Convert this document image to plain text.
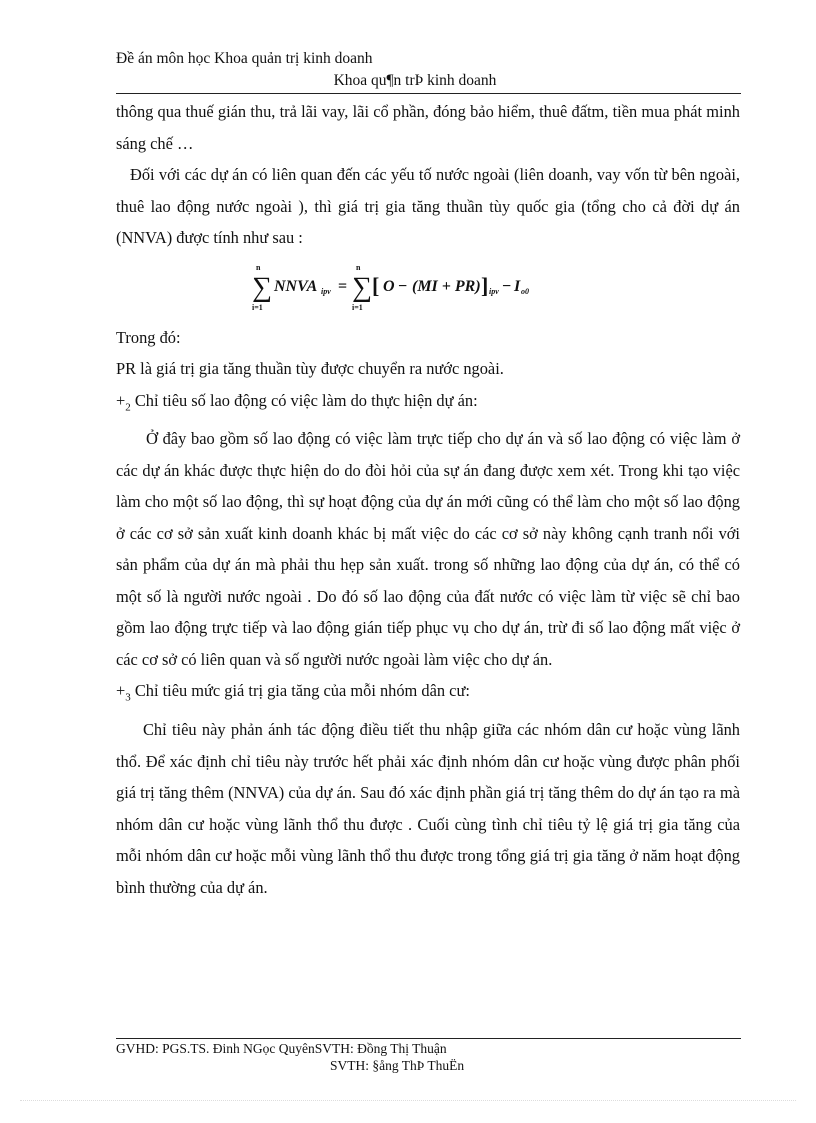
Đề án môn học Khoa quản trị kinh doanh
Khoa qu¶n trÞ kinh doanh

thông qua thuế gián thu, trả lãi vay, lãi cổ phần, đóng bảo hiểm, thuê đấtm, tiền mua phát minh sáng chế …

Đối với các dự án có liên quan đến các yếu tố nước ngoài (liên doanh, vay vốn từ bên ngoài, thuê lao động nước ngoài ), thì giá trị gia tăng thuần tùy quốc gia (tổng cho cả đời dự án (NNVA) được tính như sau :

n
∑
i=1
NNVA ipv =
n
∑
i=1
[ O − (MI + PR) ] ipv − I o0

Trong đó:

PR là giá trị gia tăng thuần tùy được chuyển ra nước ngoài.

$+_2$ Chỉ tiêu số lao động có việc làm do thực hiện dự án:

Ở đây bao gồm số lao động có việc làm trực tiếp cho dự án và số lao động có việc làm ở các dự án khác được thực hiện do do đòi hỏi của sự án đang được xem xét. Trong khi tạo việc làm cho một số lao động, thì sự hoạt động của dự án mới cũng có thể làm cho một số lao động ở các cơ sở sản xuất kinh doanh khác bị mất việc do các cơ sở này không cạnh tranh nổi với sản phẩm của dự án mà phải thu hẹp sản xuất. trong số những lao động của dự án, có thể có một số là người nước ngoài . Do đó số lao động của đất nước có việc làm từ việc sẽ chỉ bao gồm lao động trực tiếp và lao động gián tiếp phục vụ cho dự án, trừ đi số lao động mất việc ở các cơ sở có liên quan và số người nước ngoài làm việc cho dự án.

$+_3$ Chỉ tiêu mức giá trị gia tăng của mỗi nhóm dân cư:

Chỉ tiêu này phản ánh tác động điều tiết thu nhập giữa các nhóm dân cư hoặc vùng lãnh thổ. Để xác định chỉ tiêu này trước hết phải xác định nhóm dân cư hoặc vùng được phân phối giá trị tăng thêm (NNVA) của dự án. Sau đó xác định phần giá trị tăng thêm do dự án tạo ra mà nhóm dân cư hoặc vùng lãnh thổ thu được . Cuối cùng tình chỉ tiêu tỷ lệ giá trị gia tăng của mỗi nhóm dân cư hoặc mỗi vùng lãnh thổ thu được trong tổng giá trị gia tăng ở năm hoạt động bình thường của dự án.

GVHD: PGS.TS. Đinh NGọc QuyênSVTH: Đồng Thị Thuận
SVTH: §ång ThÞ ThuËn
